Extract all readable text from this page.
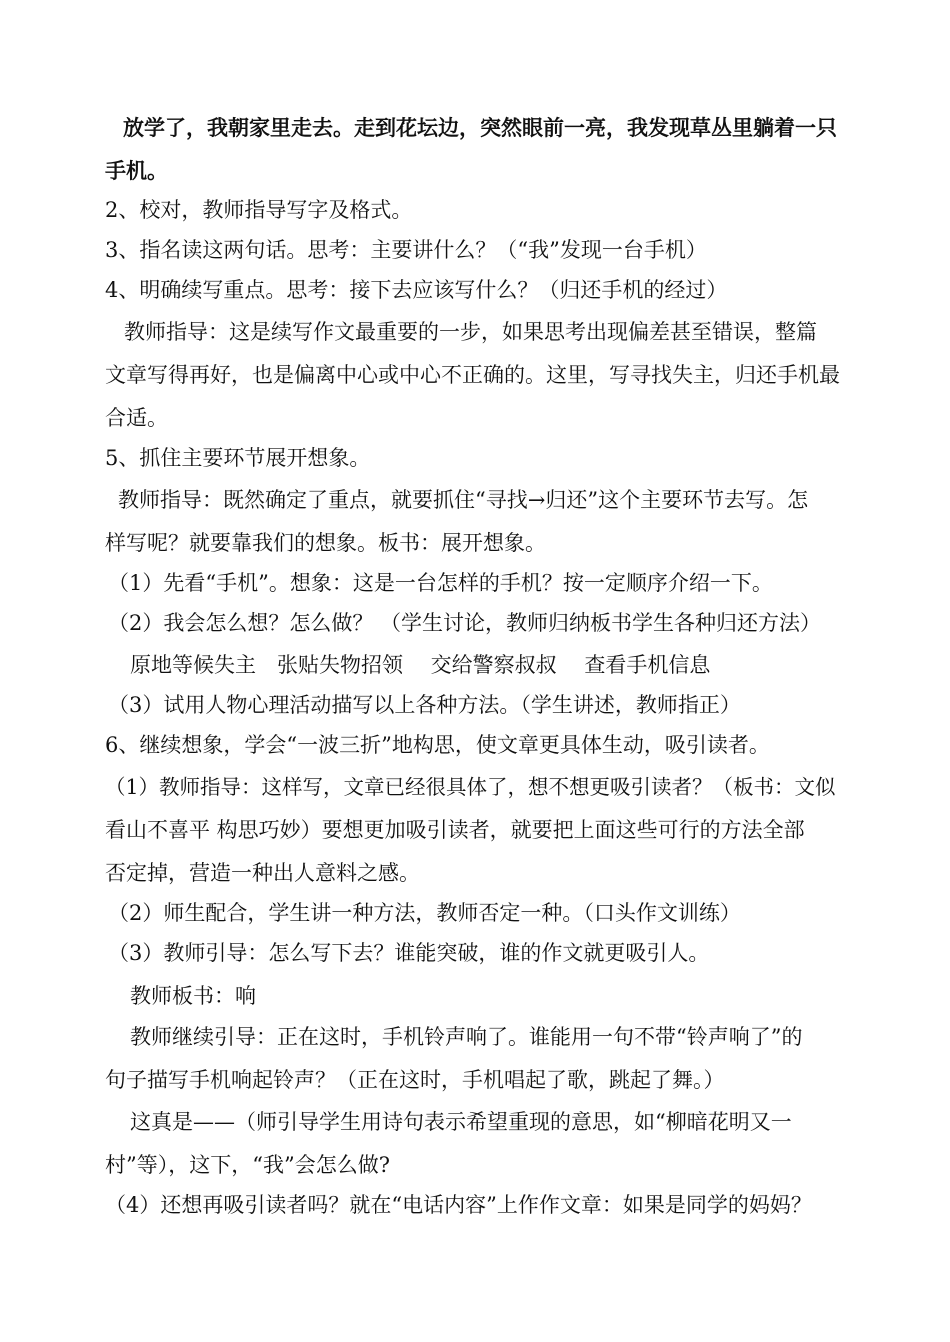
放学了，我朝家里走去。走到花坛边，突然眼前一亮，我发现草丛里躺着一只
手机。
2、校对，教师指导写字及格式。
3、指名读这两句话。思考：主要讲什么？（“我”发现一台手机）
4、明确续写重点。思考：接下去应该写什么？（归还手机的经过）
教师指导：这是续写作文最重要的一步，如果思考出现偏差甚至错误，整篇
文章写得再好，也是偏离中心或中心不正确的。这里，写寻找失主，归还手机最
合适。
5、抓住主要环节展开想象。
教师指导：既然确定了重点，就要抓住“寻找→归还”这个主要环节去写。怎
样写呢？就要靠我们的想象。板书：展开想象。
（1）先看“手机”。想象：这是一台怎样的手机？按一定顺序介绍一下。
（2）我会怎么想？怎么做？ （学生讨论，教师归纳板书学生各种归还方法）
原地等候失主　张贴失物招领　 交给警察叔叔　 查看手机信息
（3）试用人物心理活动描写以上各种方法。（学生讲述，教师指正）
6、继续想象，学会“一波三折”地构思，使文章更具体生动，吸引读者。
（1）教师指导：这样写，文章已经很具体了，想不想更吸引读者？（板书：文似
看山不喜平 构思巧妙）要想更加吸引读者，就要把上面这些可行的方法全部
否定掉，营造一种出人意料之感。
（2）师生配合，学生讲一种方法，教师否定一种。（口头作文训练）
（3）教师引导：怎么写下去？谁能突破，谁的作文就更吸引人。
教师板书：响
教师继续引导：正在这时，手机铃声响了。谁能用一句不带“铃声响了”的
句子描写手机响起铃声？（正在这时，手机唱起了歌，跳起了舞。）
这真是——（师引导学生用诗句表示希望重现的意思，如“柳暗花明又一
村”等），这下，“我”会怎么做?
（4）还想再吸引读者吗？就在“电话内容”上作作文章：如果是同学的妈妈？
